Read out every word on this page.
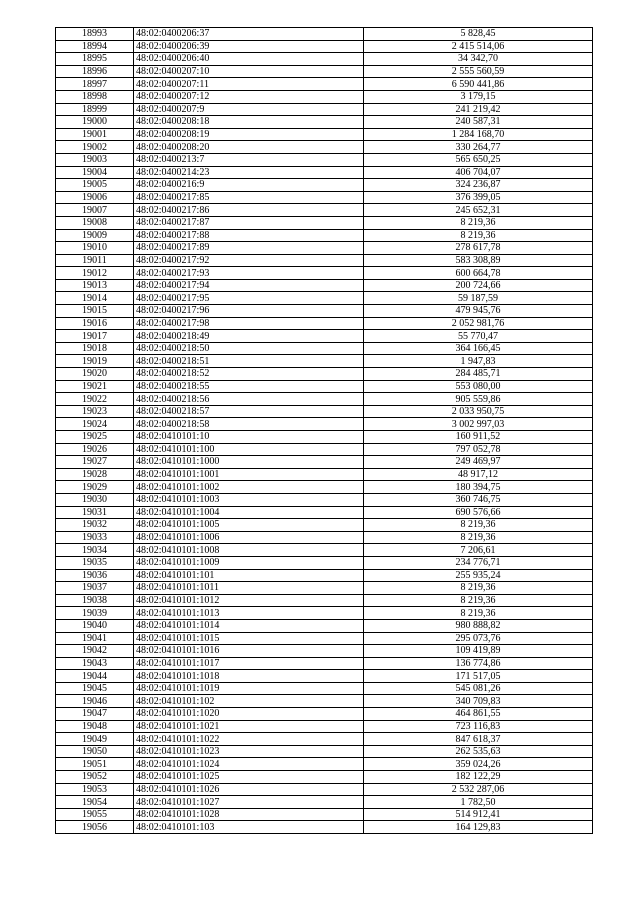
18993	48:02:0400206:37	5 828,45
18994	48:02:0400206:39	2 415 514,06
18995	48:02:0400206:40	34 342,70
18996	48:02:0400207:10	2 555 560,59
18997	48:02:0400207:11	6 590 441,86
18998	48:02:0400207:12	3 179,15
18999	48:02:0400207:9	241 219,42
19000	48:02:0400208:18	240 587,31
19001	48:02:0400208:19	1 284 168,70
19002	48:02:0400208:20	330 264,77
19003	48:02:0400213:7	565 650,25
19004	48:02:0400214:23	406 704,07
19005	48:02:0400216:9	324 236,87
19006	48:02:0400217:85	376 399,05
19007	48:02:0400217:86	245 652,31
19008	48:02:0400217:87	8 219,36
19009	48:02:0400217:88	8 219,36
19010	48:02:0400217:89	278 617,78
19011	48:02:0400217:92	583 308,89
19012	48:02:0400217:93	600 664,78
19013	48:02:0400217:94	200 724,66
19014	48:02:0400217:95	59 187,59
19015	48:02:0400217:96	479 945,76
19016	48:02:0400217:98	2 052 981,76
19017	48:02:0400218:49	55 770,47
19018	48:02:0400218:50	364 166,45
19019	48:02:0400218:51	1 947,83
19020	48:02:0400218:52	284 485,71
19021	48:02:0400218:55	553 080,00
19022	48:02:0400218:56	905 559,86
19023	48:02:0400218:57	2 033 950,75
19024	48:02:0400218:58	3 002 997,03
19025	48:02:0410101:10	160 911,52
19026	48:02:0410101:100	797 052,78
19027	48:02:0410101:1000	249 469,97
19028	48:02:0410101:1001	48 917,12
19029	48:02:0410101:1002	180 394,75
19030	48:02:0410101:1003	360 746,75
19031	48:02:0410101:1004	690 576,66
19032	48:02:0410101:1005	8 219,36
19033	48:02:0410101:1006	8 219,36
19034	48:02:0410101:1008	7 206,61
19035	48:02:0410101:1009	234 776,71
19036	48:02:0410101:101	255 935,24
19037	48:02:0410101:1011	8 219,36
19038	48:02:0410101:1012	8 219,36
19039	48:02:0410101:1013	8 219,36
19040	48:02:0410101:1014	980 888,82
19041	48:02:0410101:1015	295 073,76
19042	48:02:0410101:1016	109 419,89
19043	48:02:0410101:1017	136 774,86
19044	48:02:0410101:1018	171 517,05
19045	48:02:0410101:1019	545 081,26
19046	48:02:0410101:102	340 709,83
19047	48:02:0410101:1020	464 861,55
19048	48:02:0410101:1021	723 116,83
19049	48:02:0410101:1022	847 618,37
19050	48:02:0410101:1023	262 535,63
19051	48:02:0410101:1024	359 024,26
19052	48:02:0410101:1025	182 122,29
19053	48:02:0410101:1026	2 532 287,06
19054	48:02:0410101:1027	1 782,50
19055	48:02:0410101:1028	514 912,41
19056	48:02:0410101:103	164 129,83
